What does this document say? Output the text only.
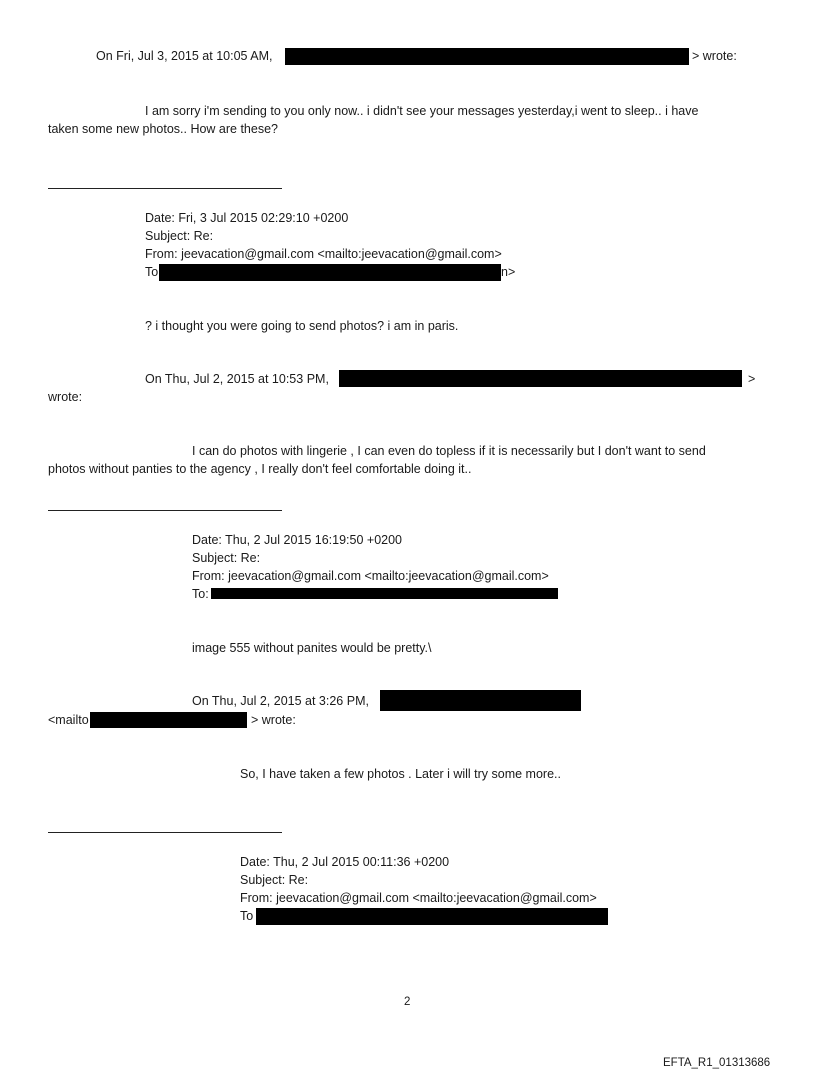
On Fri, Jul 3, 2015 at 10:05 AM,	> wrote:
I am sorry i'm sending to you only now.. i didn't see your messages yesterday,i went to sleep.. i have
taken some new photos.. How are these?
Date: Fri, 3 Jul 2015 02:29:10 +0200
Subject: Re:
From: jeevacation@gmail.com <mailto:jeevacation@gmail.com>
To	n>
? i thought you were going to send photos? i am in paris.
On Thu, Jul 2, 2015 at 10:53 PM,	>
wrote:
I can do photos with lingerie , I can even do topless if it is necessarily but I don't want to send
photos without panties to the agency , I really don't feel comfortable doing it..
Date: Thu, 2 Jul 2015 16:19:50 +0200
Subject: Re:
From: jeevacation@gmail.com <mailto:jeevacation@gmail.com>
To:
image 555 without panites would be pretty.\
On Thu, Jul 2, 2015 at 3:26 PM,
<mailto	> wrote:
So, I have taken a few photos . Later i will try some more..
Date: Thu, 2 Jul 2015 00:11:36 +0200
Subject: Re:
From: jeevacation@gmail.com <mailto:jeevacation@gmail.com>
To
2
EFTA_R1_01313686
